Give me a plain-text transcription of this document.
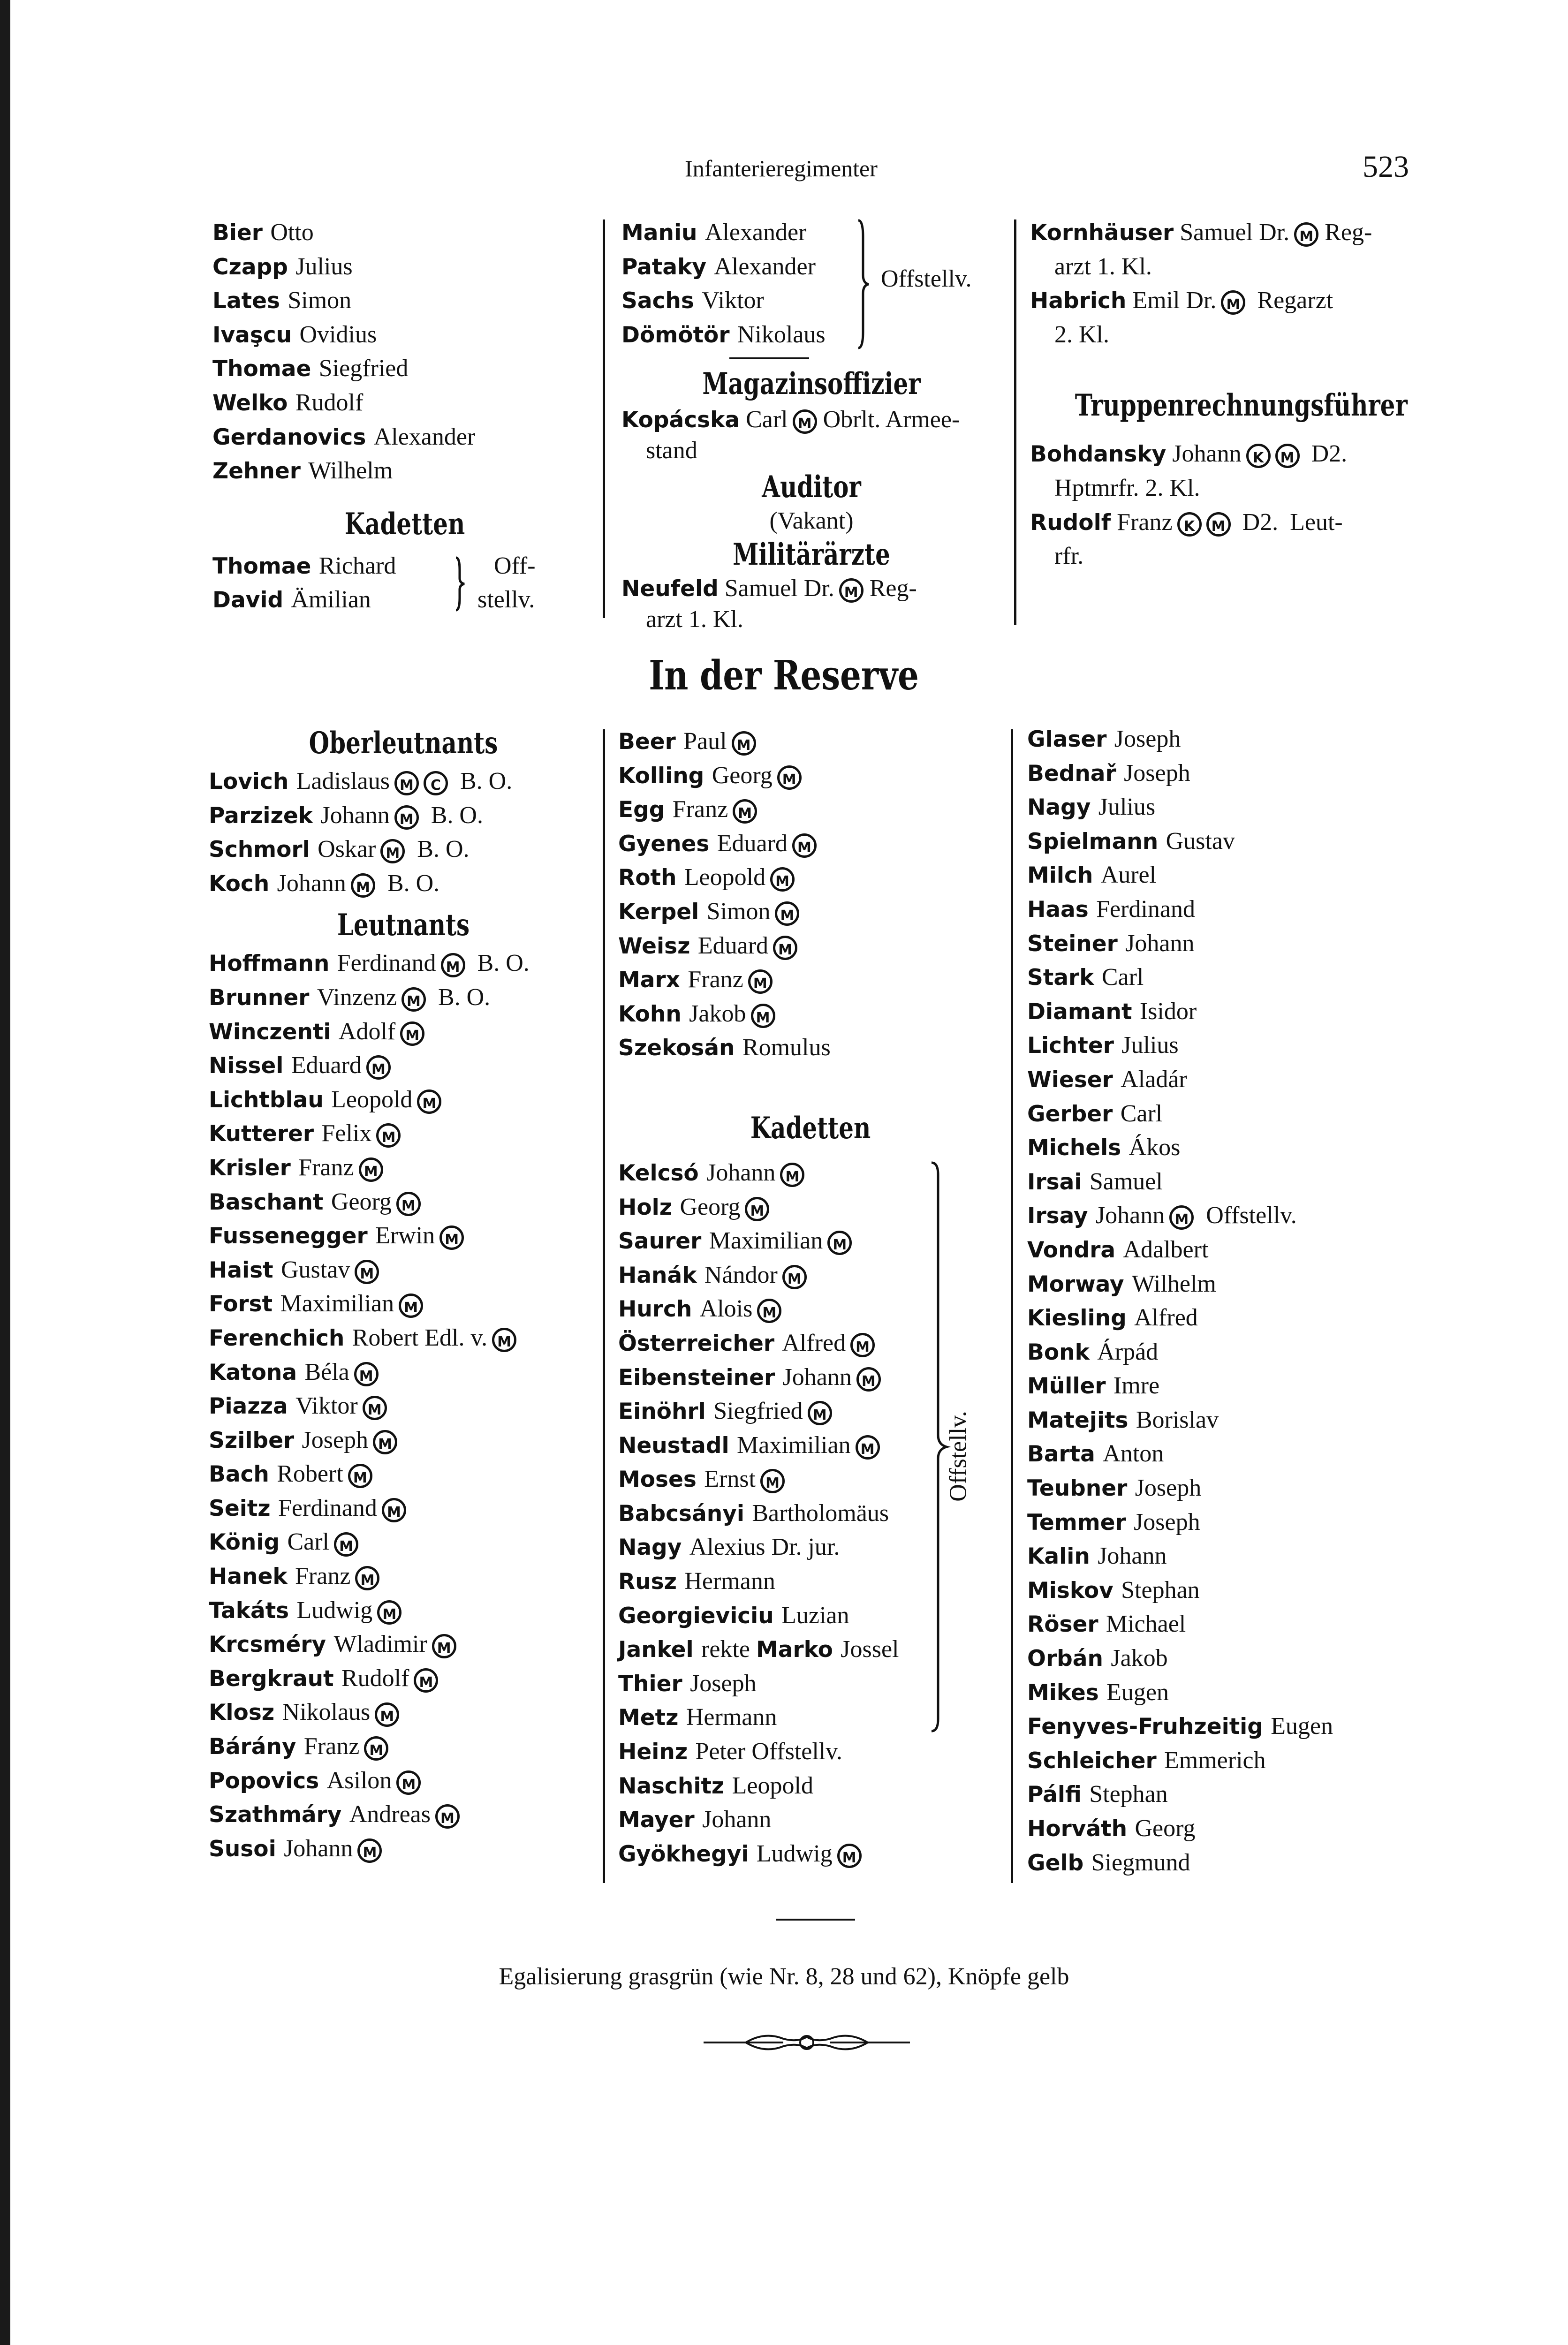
Infanterieregimenter	523
Bier Otto
Czapp Julius
Lates Simon
Ivaşcu Ovidius
Thomae Siegfried
Welko Rudolf
Gerdanovics Alexander
Zehner Wilhelm
Kadetten
Thomae Richard
David Ämilian
Off-
stellv.
Maniu Alexander
Pataky Alexander
Sachs Viktor
Dömötör Nikolaus
Offstellv.
Magazinsoffizier
Kopácska Carl M Obrlt. Armee-
stand
Auditor
(Vakant)
Militärärzte
Neufeld Samuel Dr. M Reg-
arzt 1. Kl.
Kornhäuser Samuel Dr. M Reg-
arzt 1. Kl.
Habrich Emil Dr. M Regarzt
2. Kl.
Truppenrechnungsführer
Bohdansky Johann K M D2.
Hptmrfr. 2. Kl.
Rudolf Franz K M D2. Leut-
rfr.
In der Reserve
Oberleutnants
Lovich Ladislaus M C  B. O.
Parzizek Johann M  B. O.
Schmorl Oskar M  B. O.
Koch Johann M  B. O.
Leutnants
Hoffmann Ferdinand M  B. O.
Brunner Vinzenz M  B. O.
Winczenti Adolf M
Nissel Eduard M
Lichtblau Leopold M
Kutterer Felix M
Krisler Franz M
Baschant Georg M
Fussenegger Erwin M
Haist Gustav M
Forst Maximilian M
Ferenchich Robert Edl. v. M
Katona Béla M
Piazza Viktor M
Szilber Joseph M
Bach Robert M
Seitz Ferdinand M
König Carl M
Hanek Franz M
Takáts Ludwig M
Krcsméry Wladimir M
Bergkraut Rudolf M
Klosz Nikolaus M
Bárány Franz M
Popovics Asilon M
Szathmáry Andreas M
Susoi Johann M
Beer Paul M
Kolling Georg M
Egg Franz M
Gyenes Eduard M
Roth Leopold M
Kerpel Simon M
Weisz Eduard M
Marx Franz M
Kohn Jakob M
Szekosán Romulus
Kadetten
Kelcsó Johann M
Holz Georg M
Saurer Maximilian M
Hanák Nándor M
Hurch Alois M
Österreicher Alfred M
Eibensteiner Johann M
Einöhrl Siegfried M
Neustadl Maximilian M
Moses Ernst M
Babcsányi Bartholomäus
Nagy Alexius Dr. jur.
Rusz Hermann
Georgieviciu Luzian
Jankel rekte Marko Jossel
Thier Joseph
Metz Hermann
Heinz Peter Offstellv.
Naschitz Leopold
Mayer Johann
Gyökhegyi Ludwig M
Offstellv.
Glaser Joseph
Bednař Joseph
Nagy Julius
Spielmann Gustav
Milch Aurel
Haas Ferdinand
Steiner Johann
Stark Carl
Diamant Isidor
Lichter Julius
Wieser Aladár
Gerber Carl
Michels Ákos
Irsai Samuel
Irsay Johann M  Offstellv.
Vondra Adalbert
Morway Wilhelm
Kiesling Alfred
Bonk Árpád
Müller Imre
Matejits Borislav
Barta Anton
Teubner Joseph
Temmer Joseph
Kalin Johann
Miskov Stephan
Röser Michael
Orbán Jakob
Mikes Eugen
Fenyves-Fruhzeitig Eugen
Schleicher Emmerich
Pálfi Stephan
Horváth Georg
Gelb Siegmund
Egalisierung grasgrün (wie Nr. 8, 28 und 62), Knöpfe gelb
